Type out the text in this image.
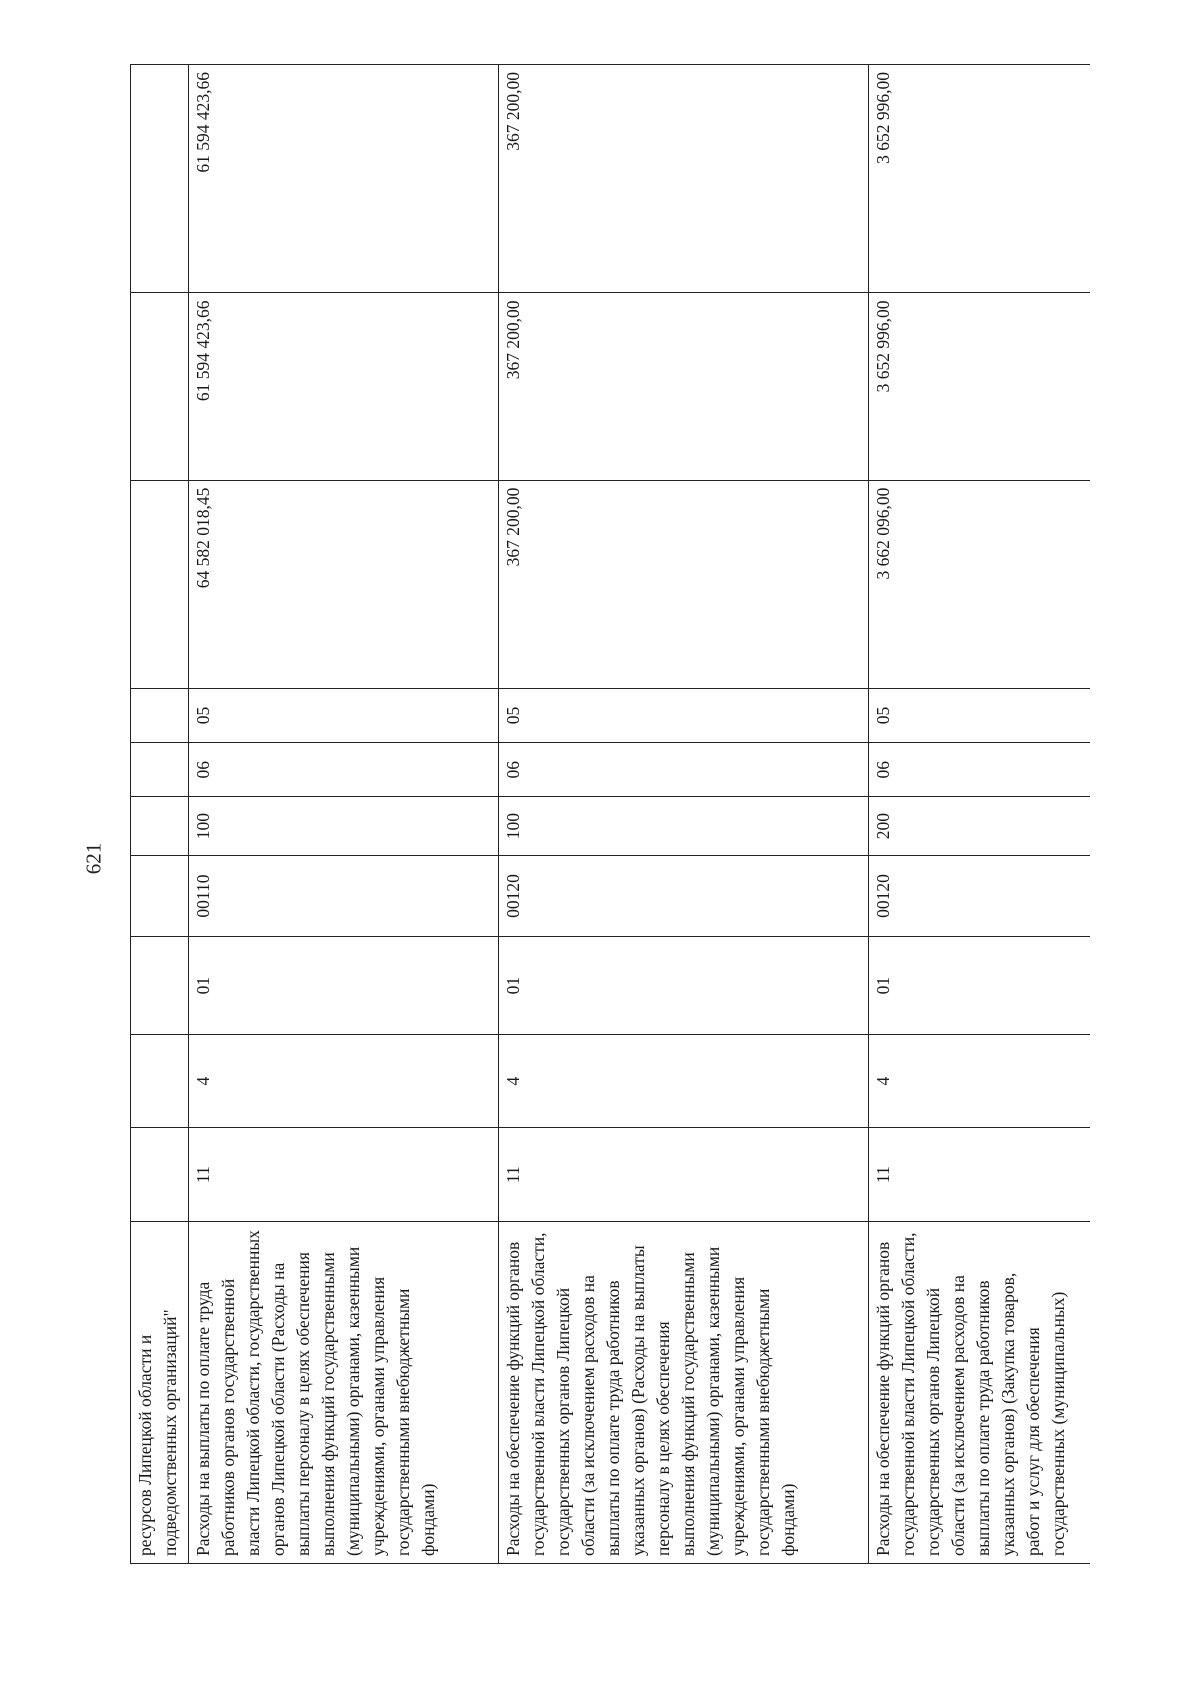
621
ресурсов Липецкой области и подведомственных организаций"										
Расходы на выплаты по оплате труда работников органов государственной власти Липецкой области, государственных органов Липецкой области (Расходы на выплаты персоналу в целях обеспечения выполнения функций государственными (муниципальными) органами, казенными учреждениями, органами управления государственными внебюджетными фондами)	11	4	01	00110	100	06	05	64 582 018,45	61 594 423,66	61 594 423,66
Расходы на обеспечение функций органов государственной власти Липецкой области, государственных органов Липецкой области (за исключением расходов на выплаты по оплате труда работников указанных органов) (Расходы на выплаты персоналу в целях обеспечения выполнения функций государственными (муниципальными) органами, казенными учреждениями, органами управления государственными внебюджетными фондами)	11	4	01	00120	100	06	05	367 200,00	367 200,00	367 200,00
Расходы на обеспечение функций органов государственной власти Липецкой области, государственных органов Липецкой области (за исключением расходов на выплаты по оплате труда работников указанных органов) (Закупка товаров, работ и услуг для обеспечения государственных (муниципальных)	11	4	01	00120	200	06	05	3 662 096,00	3 652 996,00	3 652 996,00
